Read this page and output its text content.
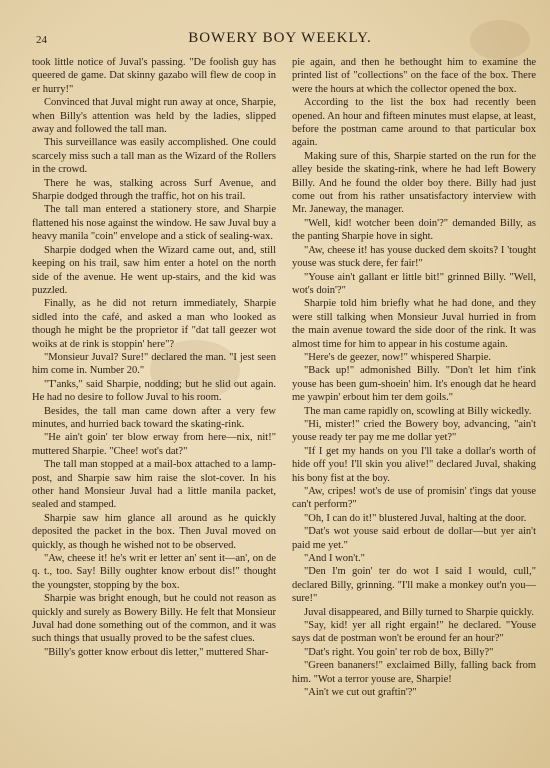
24	BOWERY BOY WEEKLY.

took little notice of Juval's passing. "De foolish guy has queered de game. Dat skinny gazabo will flew de coop in er hurry!"

Convinced that Juval might run away at once, Sharpie, when Billy's attention was held by the ladies, slipped away and followed the tall man.

This surveillance was easily accomplished. One could scarcely miss such a tall man as the Wizard of the Rollers in the crowd.

There he was, stalking across Surf Avenue, and Sharpie dodged through the traffic, hot on his trail.

The tall man entered a stationery store, and Sharpie flattened his nose against the window. He saw Juval buy a heavy manila "coin" envelope and a stick of sealing-wax.

Sharpie dodged when the Wizard came out, and, still keeping on his trail, saw him enter a hotel on the north side of the avenue. He went up-stairs, and the kid was puzzled.

Finally, as he did not return immediately, Sharpie sidled into the café, and asked a man who looked as though he might be the proprietor if "dat tall geezer wot woiks at de rink is stoppin' here"?

"Monsieur Juval? Sure!" declared the man. "I jest seen him come in. Number 20."

"T'anks," said Sharpie, nodding; but he slid out again. He had no desire to follow Juval to his room.

Besides, the tall man came down after a very few minutes, and hurried back toward the skating-rink.

"He ain't goin' ter blow erway from here—nix, nit!" muttered Sharpie. "Chee! wot's dat?"

The tall man stopped at a mail-box attached to a lamp-post, and Sharpie saw him raise the slot-cover. In his other hand Monsieur Juval had a little manila packet, sealed and stamped.

Sharpie saw him glance all around as he quickly deposited the packet in the box. Then Juval moved on quickly, as though he wished not to be observed.

"Aw, cheese it! he's writ er letter an' sent it—an', on de q. t., too. Say! Billy oughter know erbout dis!" thought the youngster, stopping by the box.

Sharpie was bright enough, but he could not reason as quickly and surely as Bowery Billy. He felt that Monsieur Juval had done something out of the common, and it was such things that usually proved to be the safest clues.

"Billy's gotter know erbout dis letter," muttered Shar-

pie again, and then he bethought him to examine the printed list of "collections" on the face of the box. There were the hours at which the collector opened the box.

According to the list the box had recently been opened. An hour and fifteen minutes must elapse, at least, before the postman came around to that particular box again.

Making sure of this, Sharpie started on the run for the alley beside the skating-rink, where he had left Bowery Billy. And he found the older boy there. Billy had just come out from his rather unsatisfactory interview with Mr. Janeway, the manager.

"Well, kid! wotcher been doin'?" demanded Billy, as the panting Sharpie hove in sight.

"Aw, cheese it! has youse ducked dem skoits? I 'tought youse was stuck dere, fer fair!"

"Youse ain't gallant er little bit!" grinned Billy. "Well, wot's doin'?"

Sharpie told him briefly what he had done, and they were still talking when Monsieur Juval hurried in from the main avenue toward the side door of the rink. It was almost time for him to appear in his costume again.

"Here's de geezer, now!" whispered Sharpie.

"Back up!" admonished Billy. "Don't let him t'ink youse has been gum-shoein' him. It's enough dat he heard me yawpin' erbout him ter dem goils."

The man came rapidly on, scowling at Billy wickedly.

"Hi, mister!" cried the Bowery boy, advancing, "ain't youse ready ter pay me me dollar yet?"

"If I get my hands on you I'll take a dollar's worth of hide off you! I'll skin you alive!" declared Juval, shaking his bony fist at the boy.

"Aw, cripes! wot's de use of promisin' t'ings dat youse can't perform?"

"Oh, I can do it!" blustered Juval, halting at the door.

"Dat's wot youse said erbout de dollar—but yer ain't paid me yet."

"And I won't."

"Den I'm goin' ter do wot I said I would, cull," declared Billy, grinning. "I'll make a monkey out'n you—sure!"

Juval disappeared, and Billy turned to Sharpie quickly.

"Say, kid! yer all right ergain!" he declared. "Youse says dat de postman won't be eround fer an hour?"

"Dat's right. You goin' ter rob de box, Billy?"

"Green bananers!" exclaimed Billy, falling back from him. "Wot a terror youse are, Sharpie!

"Ain't we cut out graftin'?"
